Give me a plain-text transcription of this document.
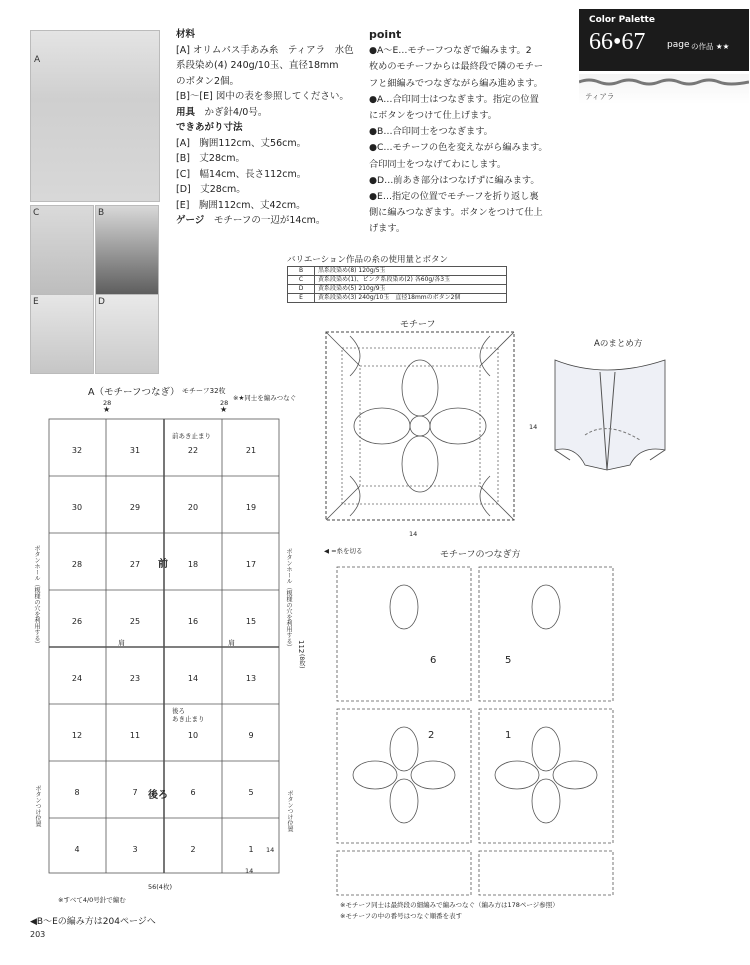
A
C	B
E	D
材料
[A] オリムパス手あみ糸　ティアラ　水色
系段染め(4) 240g/10玉、直径18mm
のボタン2個。
[B]～[E] 図中の表を参照してください。
用具　 かぎ針4/0号。
できあがり寸法
[A]　胸囲112cm、丈56cm。
[B]　丈28cm。
[C]　幅14cm、長さ112cm。
[D]　丈28cm。
[E]　胸囲112cm、丈42cm。
ゲージ　 モチーフの一辺が14cm。
point
●A～E…モチーフつなぎで編みます。2
枚めのモチーフからは最終段で隣のモチー
フと細編みでつなぎながら編み進めます。
●A…合印同士はつなぎます。指定の位置
にボタンをつけて仕上げます。
●B…合印同士をつなぎます。
●C…モチーフの色を変えながら編みます。
合印同士をつなげてわにします。
●D…前あき部分はつなげずに編みます。
●E…指定の位置でモチーフを折り返し裏
側に編みつなぎます。ボタンをつけて仕上
げます。
Color Palette
66•67 page の作品 ★★
ティアラ
バリエーション作品の糸の使用量とボタン
B	黒系段染め(8) 120g/5玉
C	黄系段染め(1)、ピンク系段染め(2) 各60g/各3玉
D	黄系段染め(5) 210g/9玉
E	黄系段染め(3) 240g/10玉　直径18mmのボタン2個
モチーフ
14
14
◀ =糸を切る
Aのまとめ方
モチーフのつなぎ方
6	5
2	1
※モチーフ同士は最終段の細編みで編みつなぐ（編み方は178ページ参照）
※モチーフの中の番号はつなぐ順番を表す
A（モチーフつなぎ） モチーフ32枚
※★同士を編みつなぐ
28	28
★	★
32	31	22	21
30	29	20	19
28	27	18	17
26	25	16	15
24	23	14	13
12	11	10	9
8	7	6	5
4	3	2	1
前あき止まり
前
肩	肩
後ろ
あき止まり
後ろ
ボタンホール（模様の穴を利用する）	ボタンホール（模様の穴を利用する） 112
(8枚)
ボタンつけ位置	ボタンつけ位置
14
14
56(4枚)
※すべて4/0号針で編む
◀B～Eの編み方は204ページへ
203
